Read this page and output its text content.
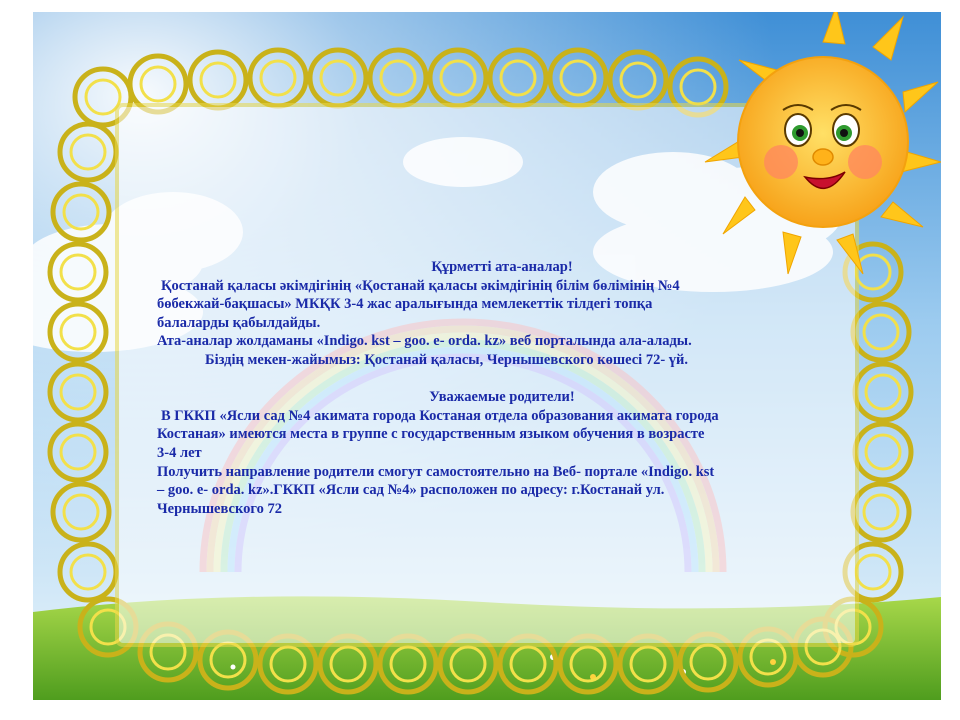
Құрметті ата-аналар!

Қостанай қаласы әкімдігінің «Қостанай қаласы әкімдігінің білім бөлімінің №4

бөбекжай-бақшасы» МКҚК 3-4 жас аралығында мемлекеттік тілдегі топқа

балаларды қабылдайды.

Ата-аналар жолдаманы «Indigo. kst – goo. e- orda. kz» веб порталында ала-алады.

Біздің мекен-жайымыз: Қостанай қаласы, Чернышевского көшесі 72- үй.

Уважаемые родители!

В ГККП «Ясли сад №4 акимата города Костаная отдела образования акимата города

Костаная» имеются места в группе с государственным языком обучения в возрасте

3-4 лет

Получить направление родители смогут самостоятельно на Веб- портале «Indigo. kst

– goo. e- orda. kz».ГККП «Ясли сад №4» расположен по адресу: г.Костанай ул.

Чернышевского 72
